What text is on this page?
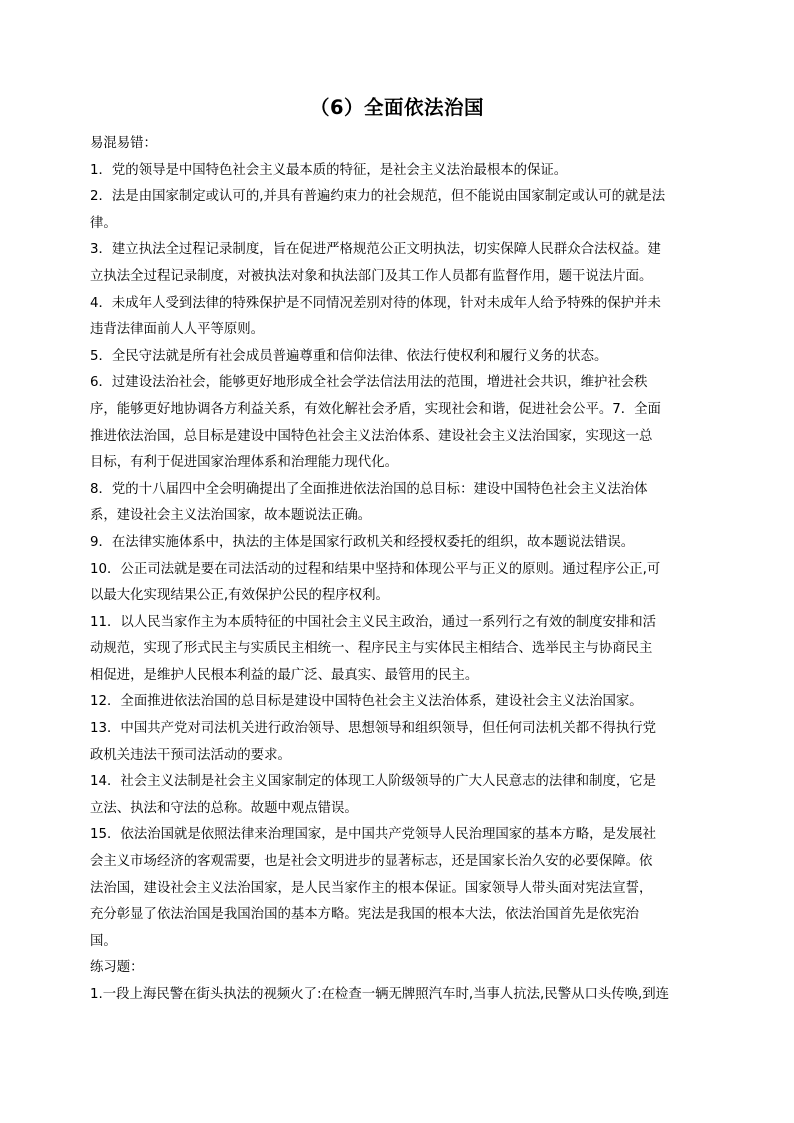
（6）全面依法治国
易混易错：
1．党的领导是中国特色社会主义最本质的特征，是社会主义法治最根本的保证。
2．法是由国家制定或认可的,并具有普遍约束力的社会规范，但不能说由国家制定或认可的就是法
律。
3．建立执法全过程记录制度，旨在促进严格规范公正文明执法，切实保障人民群众合法权益。建
立执法全过程记录制度，对被执法对象和执法部门及其工作人员都有监督作用，题干说法片面。
4．未成年人受到法律的特殊保护是不同情况差别对待的体现，针对未成年人给予特殊的保护并未
违背法律面前人人平等原则。
5．全民守法就是所有社会成员普遍尊重和信仰法律、依法行使权利和履行义务的状态。
6．过建设法治社会，能够更好地形成全社会学法信法用法的范围，增进社会共识，维护社会秩
序，能够更好地协调各方利益关系，有效化解社会矛盾，实现社会和谐，促进社会公平。7．全面
推进依法治国，总目标是建设中国特色社会主义法治体系、建设社会主义法治国家，实现这一总
目标，有利于促进国家治理体系和治理能力现代化。
8．党的十八届四中全会明确提出了全面推进依法治国的总目标：建设中国特色社会主义法治体
系，建设社会主义法治国家，故本题说法正确。
9．在法律实施体系中，执法的主体是国家行政机关和经授权委托的组织，故本题说法错误。
10．公正司法就是要在司法活动的过程和结果中坚持和体现公平与正义的原则。通过程序公正,可
以最大化实现结果公正,有效保护公民的程序权利。
11．以人民当家作主为本质特征的中国社会主义民主政治，通过一系列行之有效的制度安排和活
动规范，实现了形式民主与实质民主相统一、程序民主与实体民主相结合、选举民主与协商民主
相促进，是维护人民根本利益的最广泛、最真实、最管用的民主。
12．全面推进依法治国的总目标是建设中国特色社会主义法治体系，建设社会主义法治国家。
13．中国共产党对司法机关进行政治领导、思想领导和组织领导，但任何司法机关都不得执行党
政机关违法干预司法活动的要求。
14．社会主义法制是社会主义国家制定的体现工人阶级领导的广大人民意志的法律和制度，它是
立法、执法和守法的总称。故题中观点错误。
15．依法治国就是依照法律来治理国家，是中国共产党领导人民治理国家的基本方略，是发展社
会主义市场经济的客观需要，也是社会文明进步的显著标志，还是国家长治久安的必要保障。依
法治国，建设社会主义法治国家，是人民当家作主的根本保证。国家领导人带头面对宪法宣誓，
充分彰显了依法治国是我国治国的基本方略。宪法是我国的根本大法，依法治国首先是依宪治
国。
练习题：
1.一段上海民警在街头执法的视频火了:在检查一辆无牌照汽车时,当事人抗法,民警从口头传唤,到连
